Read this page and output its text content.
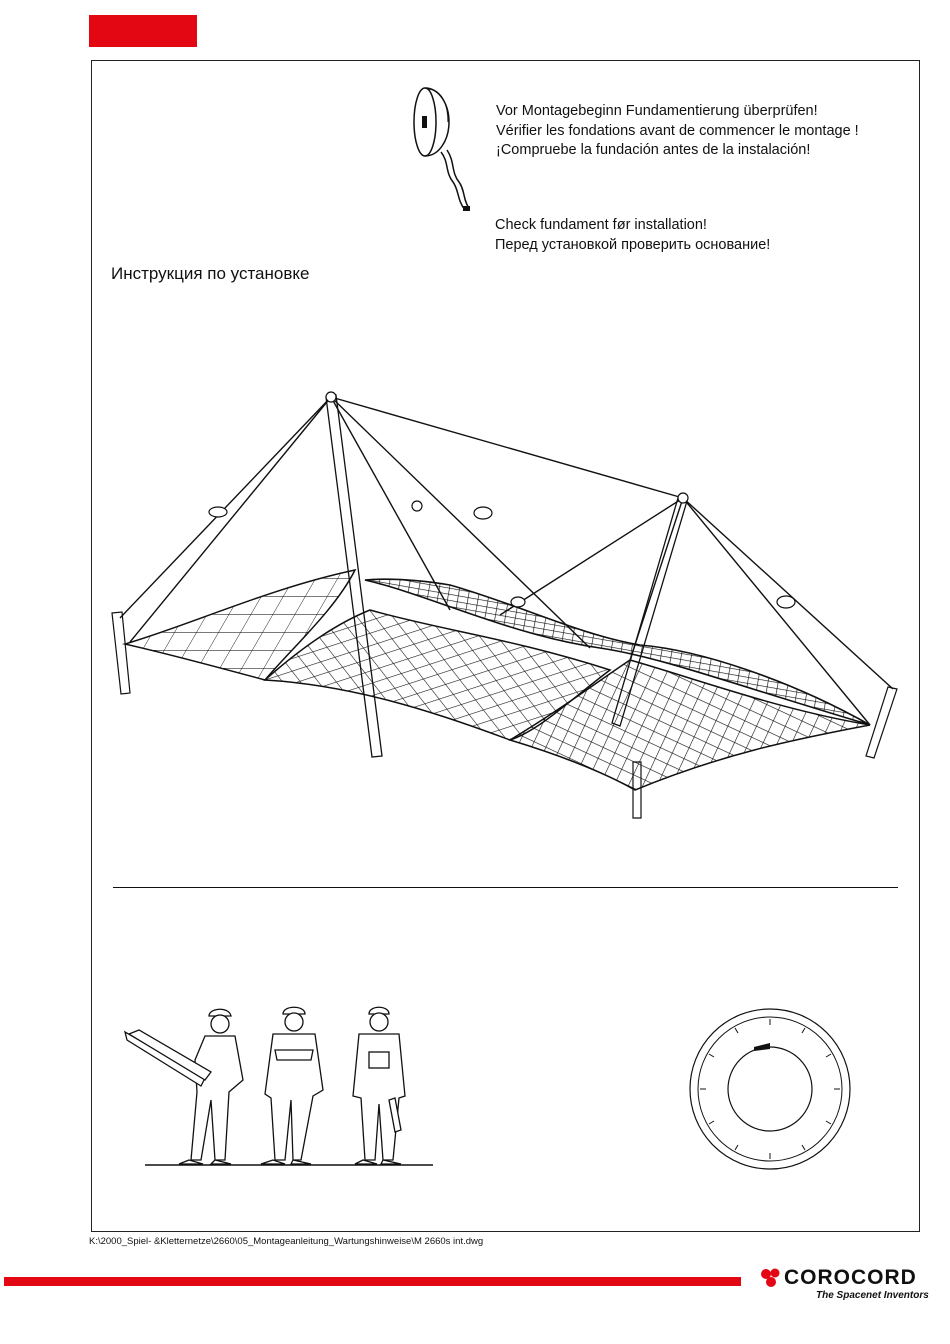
Vor Montagebeginn Fundamentierung überprüfen!
Vérifier les fondations avant de commencer le montage !
¡Compruebe la fundación antes de la instalación!
Check fundament før installation!
Перед установкой проверить основание!
Инструкция по установке
K:\2000_Spiel- &Kletternetze\2660\05_Montageanleitung_Wartungshinweise\M 2660s int.dwg
COROCORD
The Spacenet Inventors
